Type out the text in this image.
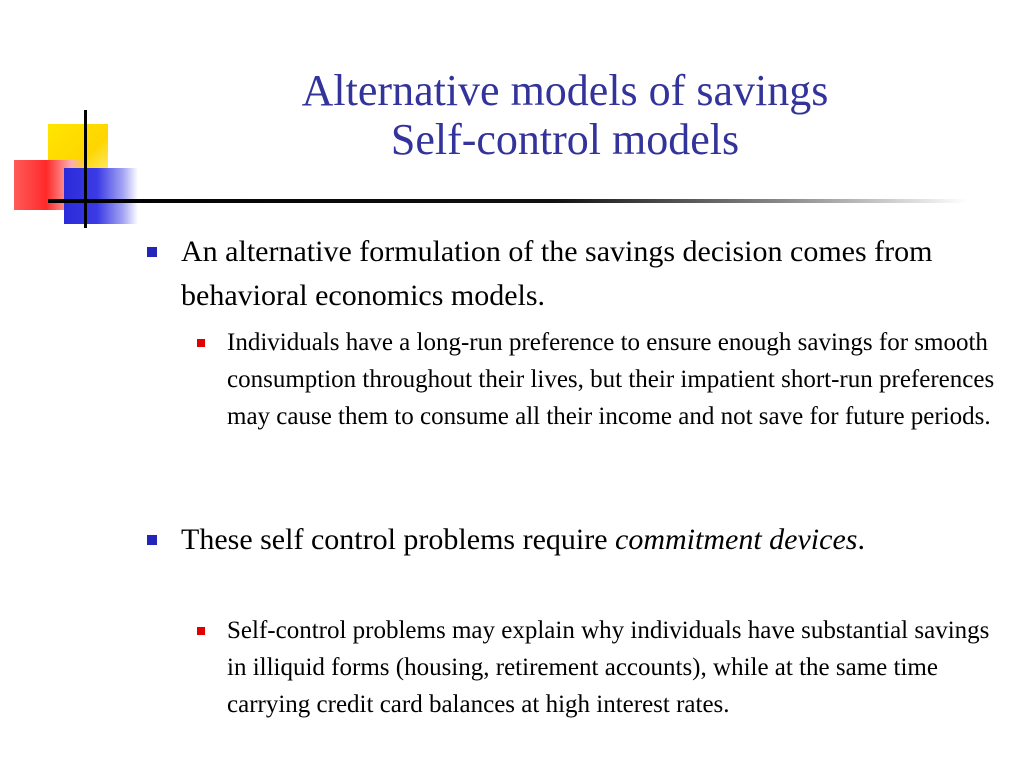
Alternative models of savings
Self-control models
An alternative formulation of the savings decision comes from behavioral economics models.
Individuals have a long-run preference to ensure enough savings for smooth consumption throughout their lives, but their impatient short-run preferences may cause them to consume all their income and not save for future periods.
These self control problems require commitment devices.
Self-control problems may explain why individuals have substantial savings in illiquid forms (housing, retirement accounts), while at the same time carrying credit card balances at high interest rates.
